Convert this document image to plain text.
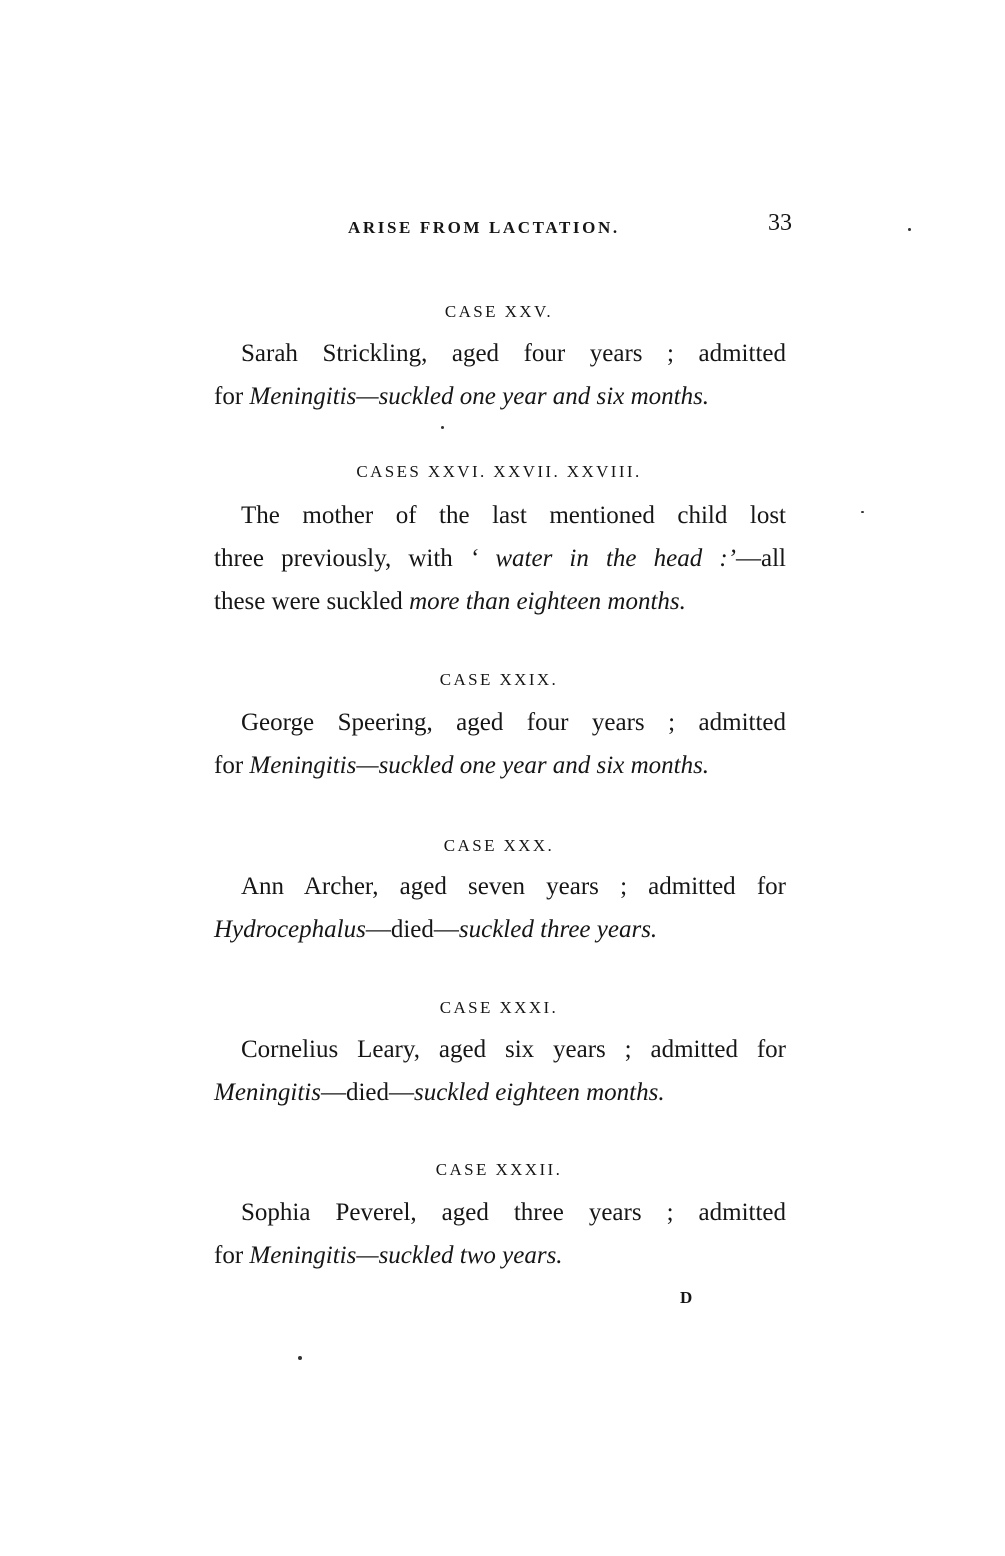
ARISE FROM LACTATION.	33
CASE XXV.
Sarah Strickling, aged four years ; admitted
for Meningitis—suckled one year and six months.
CASES XXVI. XXVII. XXVIII.
The mother of the last mentioned child lost
three previously, with ‘ water in the head :’—all
these were suckled more than eighteen months.
CASE XXIX.
George Speering, aged four years ; admitted
for Meningitis—suckled one year and six months.
CASE XXX.
Ann Archer, aged seven years ; admitted for
Hydrocephalus—died—suckled three years.
CASE XXXI.
Cornelius Leary, aged six years ; admitted for
Meningitis—died—suckled eighteen months.
CASE XXXII.
Sophia Peverel, aged three years ; admitted
for Meningitis—suckled two years.
D
